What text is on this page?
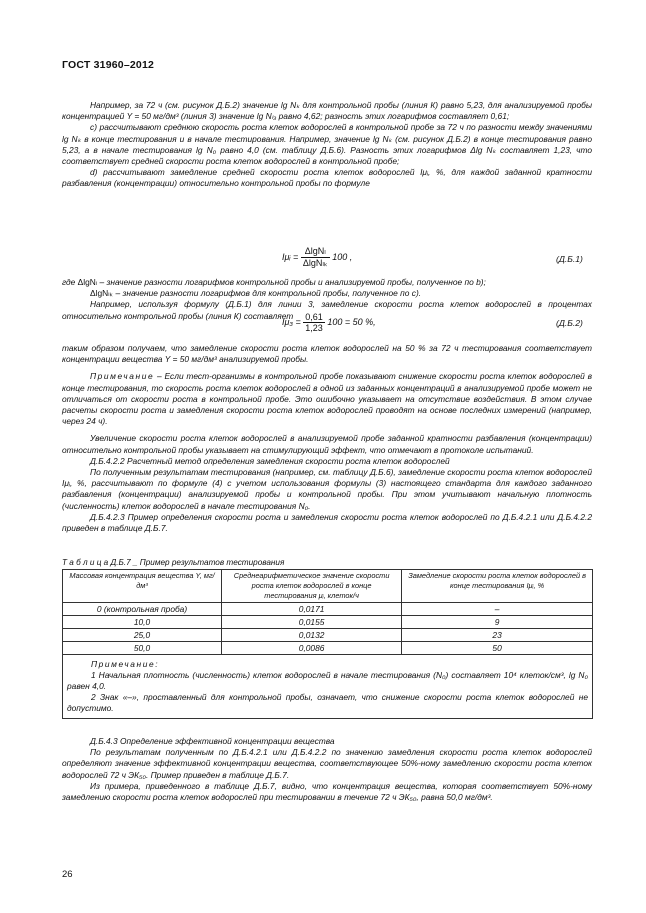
ГОСТ 31960–2012

Например, за 72 ч (см. рисунок Д.Б.2) значение lg Nₖ для контрольной пробы (линия К) равно 5,23, для анализируемой пробы концентрацией Y = 50 мг/дм³ (линия 3) значение lg Nₗ₃ равно 4,62; разность этих логарифмов составляет 0,61;

с) рассчитывают среднюю скорость роста клеток водорослей в контрольной пробе за 72 ч по разности между значениями lg Nₖ в конце тестирования и в начале тестирования. Например, значение lg Nₖ (см. рисунок Д.Б.2) в конце тестирования равно 5,23, а в начале тестирования lg N₀ равно 4,0 (см. таблицу Д.Б.6). Разность этих логарифмов Δlg Nₖ составляет 1,23, что соответствует средней скорости роста клеток водорослей в контрольной пробе;

d) рассчитывают замедление средней скорости роста клеток водорослей Iμᵢ, %, для каждой заданной кратности разбавления (концентрации) относительно контрольной пробы по формуле

Iμᵢ = $\frac{\text{ΔlgNₗ}}{\text{ΔlgNₗₖ}} 100$ ,	(Д.Б.1)

где ΔlgNₗ – значение разности логарифмов контрольной пробы и анализируемой пробы, полученное по b);

ΔlgNₗₖ – значение разности логарифмов для контрольной пробы, полученное по с).

Например, используя формулу (Д.Б.1) для линии 3, замедление скорости роста клеток водорослей в процентах относительно контрольной пробы (линия К) составляет

$I\mu_3 = \frac{0,61}{1,23} 100 = 50$ %,	(Д.Б.2)

таким образом получаем, что замедление скорости роста клеток водорослей на 50 % за 72 ч тестирования соответствует концентрации вещества Y = 50 мг/дм³ анализируемой пробы.

Примечание – Если тест-организмы в контрольной пробе показывают снижение скорости роста клеток водорослей в конце тестирования, то скорость роста клеток водорослей в одной из заданных концентраций в анализируемой пробе может не отличаться от скорости роста в контрольной пробе. Это ошибочно указывает на отсутствие воздействия. В этом случае расчеты скорости роста и замедления скорости роста клеток водорослей проводят на основе последних измерений (например, через 24 ч).

Увеличение скорости роста клеток водорослей в анализируемой пробе заданной кратности разбавления (концентрации) относительно контрольной пробы указывает на стимулирующий эффект, что отмечают в протоколе испытаний.

Д.Б.4.2.2 Расчетный метод определения замедления скорости роста клеток водорослей

По полученным результатам тестирования (например, см. таблицу Д.Б.6), замедление скорости роста клеток водорослей Iμᵢ, %, рассчитывают по формуле (4) с учетом использования формулы (3) настоящего стандарта для каждого заданного разбавления (концентрации) анализируемой пробы и контрольной пробы. При этом учитывают начальную плотность (численность) клеток водорослей в начале тестирования N₀.

Д.Б.4.2.3 Пример определения скорости роста и замедления скорости роста клеток водорослей по Д.Б.4.2.1 или Д.Б.4.2.2 приведен в таблице Д.Б.7.

Т а б л и ц а Д.Б.7 _ Пример результатов тестирования
Массовая концентрация вещества Y, мг/дм³	Среднеарифметическое значение скорости роста клеток водорослей в конце тестирования μᵢ, клеток/ч	Замедление скорости роста клеток водорослей в конце тестирования Iμᵢ, %
0 (контрольная проба)	0,0171	–
10,0	0,0155	9
25,0	0,0132	23
50,0	0,0086	50

Примечание:
1 Начальная плотность (численность) клеток водорослей в начале тестирования (N₀) составляет 10⁴ клеток/см³, lg N₀ равен 4,0.
2 Знак «–», проставленный для контрольной пробы, означает, что снижение скорости роста клеток водорослей не допустимо.		

Д.Б.4.3 Определение эффективной концентрации вещества

По результатам полученным по Д.Б.4.2.1 или Д.Б.4.2.2 по значению замедления скорости роста клеток водорослей определяют значение эффективной концентрации вещества, соответствующее 50%-ному замедлению скорости роста клеток водорослей 72 ч ЭК₅₀. Пример приведен в таблице Д.Б.7.

Из примера, приведенного в таблице Д.Б.7, видно, что концентрация вещества, которая соответствует 50%-ному замедлению скорости роста клеток водорослей при тестировании в течение 72 ч ЭК₅₀, равна 50,0 мг/дм³.

26
